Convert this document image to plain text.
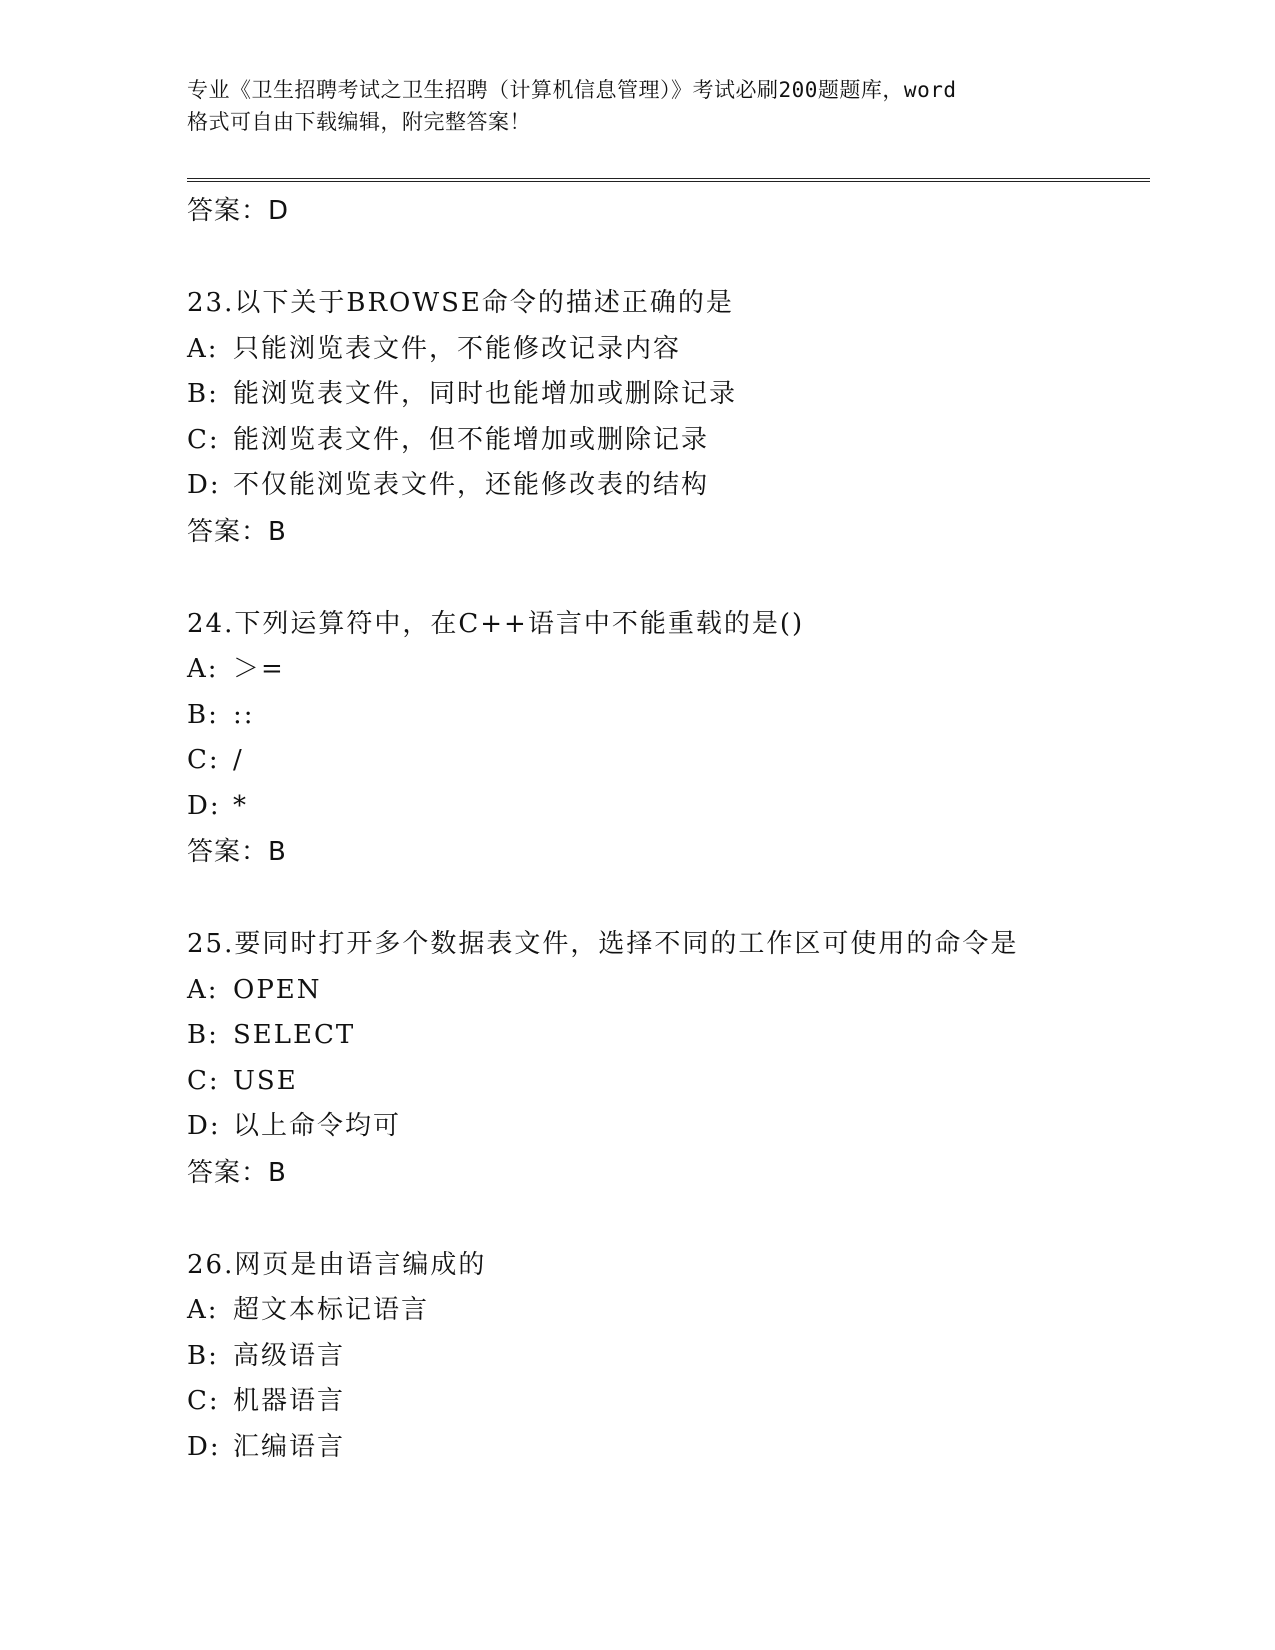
专业《卫生招聘考试之卫生招聘（计算机信息管理）》考试必刷200题题库，word
格式可自由下载编辑，附完整答案！
答案：D
23.以下关于BROWSE命令的描述正确的是
A: 只能浏览表文件，不能修改记录内容
B: 能浏览表文件，同时也能增加或删除记录
C: 能浏览表文件，但不能增加或删除记录
D: 不仅能浏览表文件，还能修改表的结构
答案：B
24.下列运算符中，在C++语言中不能重载的是()
A: ＞=
B: ::
C: /
D: *
答案：B
25.要同时打开多个数据表文件，选择不同的工作区可使用的命令是
A: OPEN
B: SELECT
C: USE
D: 以上命令均可
答案：B
26.网页是由语言编成的
A: 超文本标记语言
B: 高级语言
C: 机器语言
D: 汇编语言
